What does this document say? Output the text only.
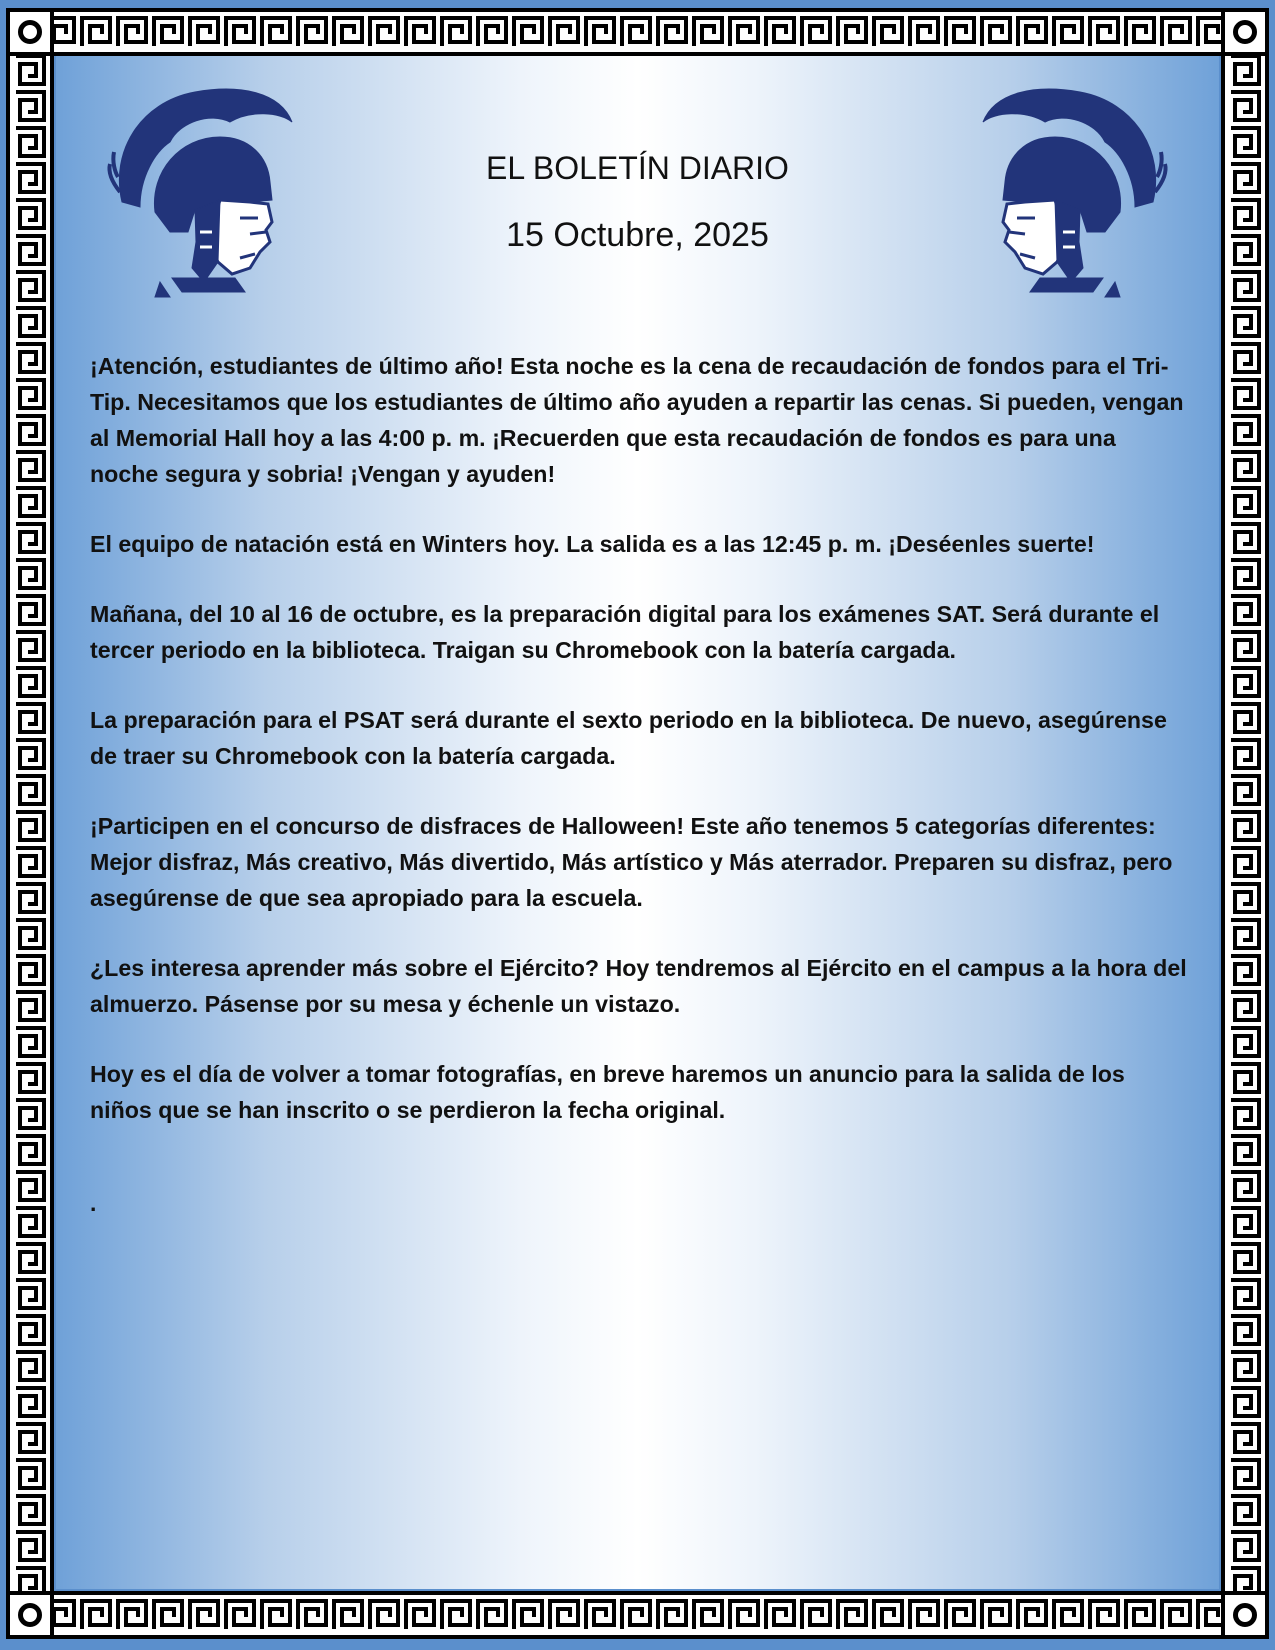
EL BOLETÍN DIARIO
15 Octubre, 2025

¡Atención, estudiantes de último año! Esta noche es la cena de recaudación de fondos para el Tri-Tip. Necesitamos que los estudiantes de último año ayuden a repartir las cenas. Si pueden, vengan al Memorial Hall hoy a las 4:00 p. m. ¡Recuerden que esta recaudación de fondos es para una noche segura y sobria! ¡Vengan y ayuden!

El equipo de natación está en Winters hoy. La salida es a las 12:45 p. m. ¡Deséenles suerte!

Mañana, del 10 al 16 de octubre, es la preparación digital para los exámenes SAT. Será durante el tercer periodo en la biblioteca. Traigan su Chromebook con la batería cargada.

La preparación para el PSAT será durante el sexto periodo en la biblioteca. De nuevo, asegúrense de traer su Chromebook con la batería cargada.

¡Participen en el concurso de disfraces de Halloween! Este año tenemos 5 categorías diferentes: Mejor disfraz, Más creativo, Más divertido, Más artístico y Más aterrador. Preparen su disfraz, pero asegúrense de que sea apropiado para la escuela.

¿Les interesa aprender más sobre el Ejército? Hoy tendremos al Ejército en el campus a la hora del almuerzo. Pásense por su mesa y échenle un vistazo.

Hoy es el día de volver a tomar fotografías, en breve haremos un anuncio para la salida de los niños que se han inscrito o se perdieron la fecha original.

.
